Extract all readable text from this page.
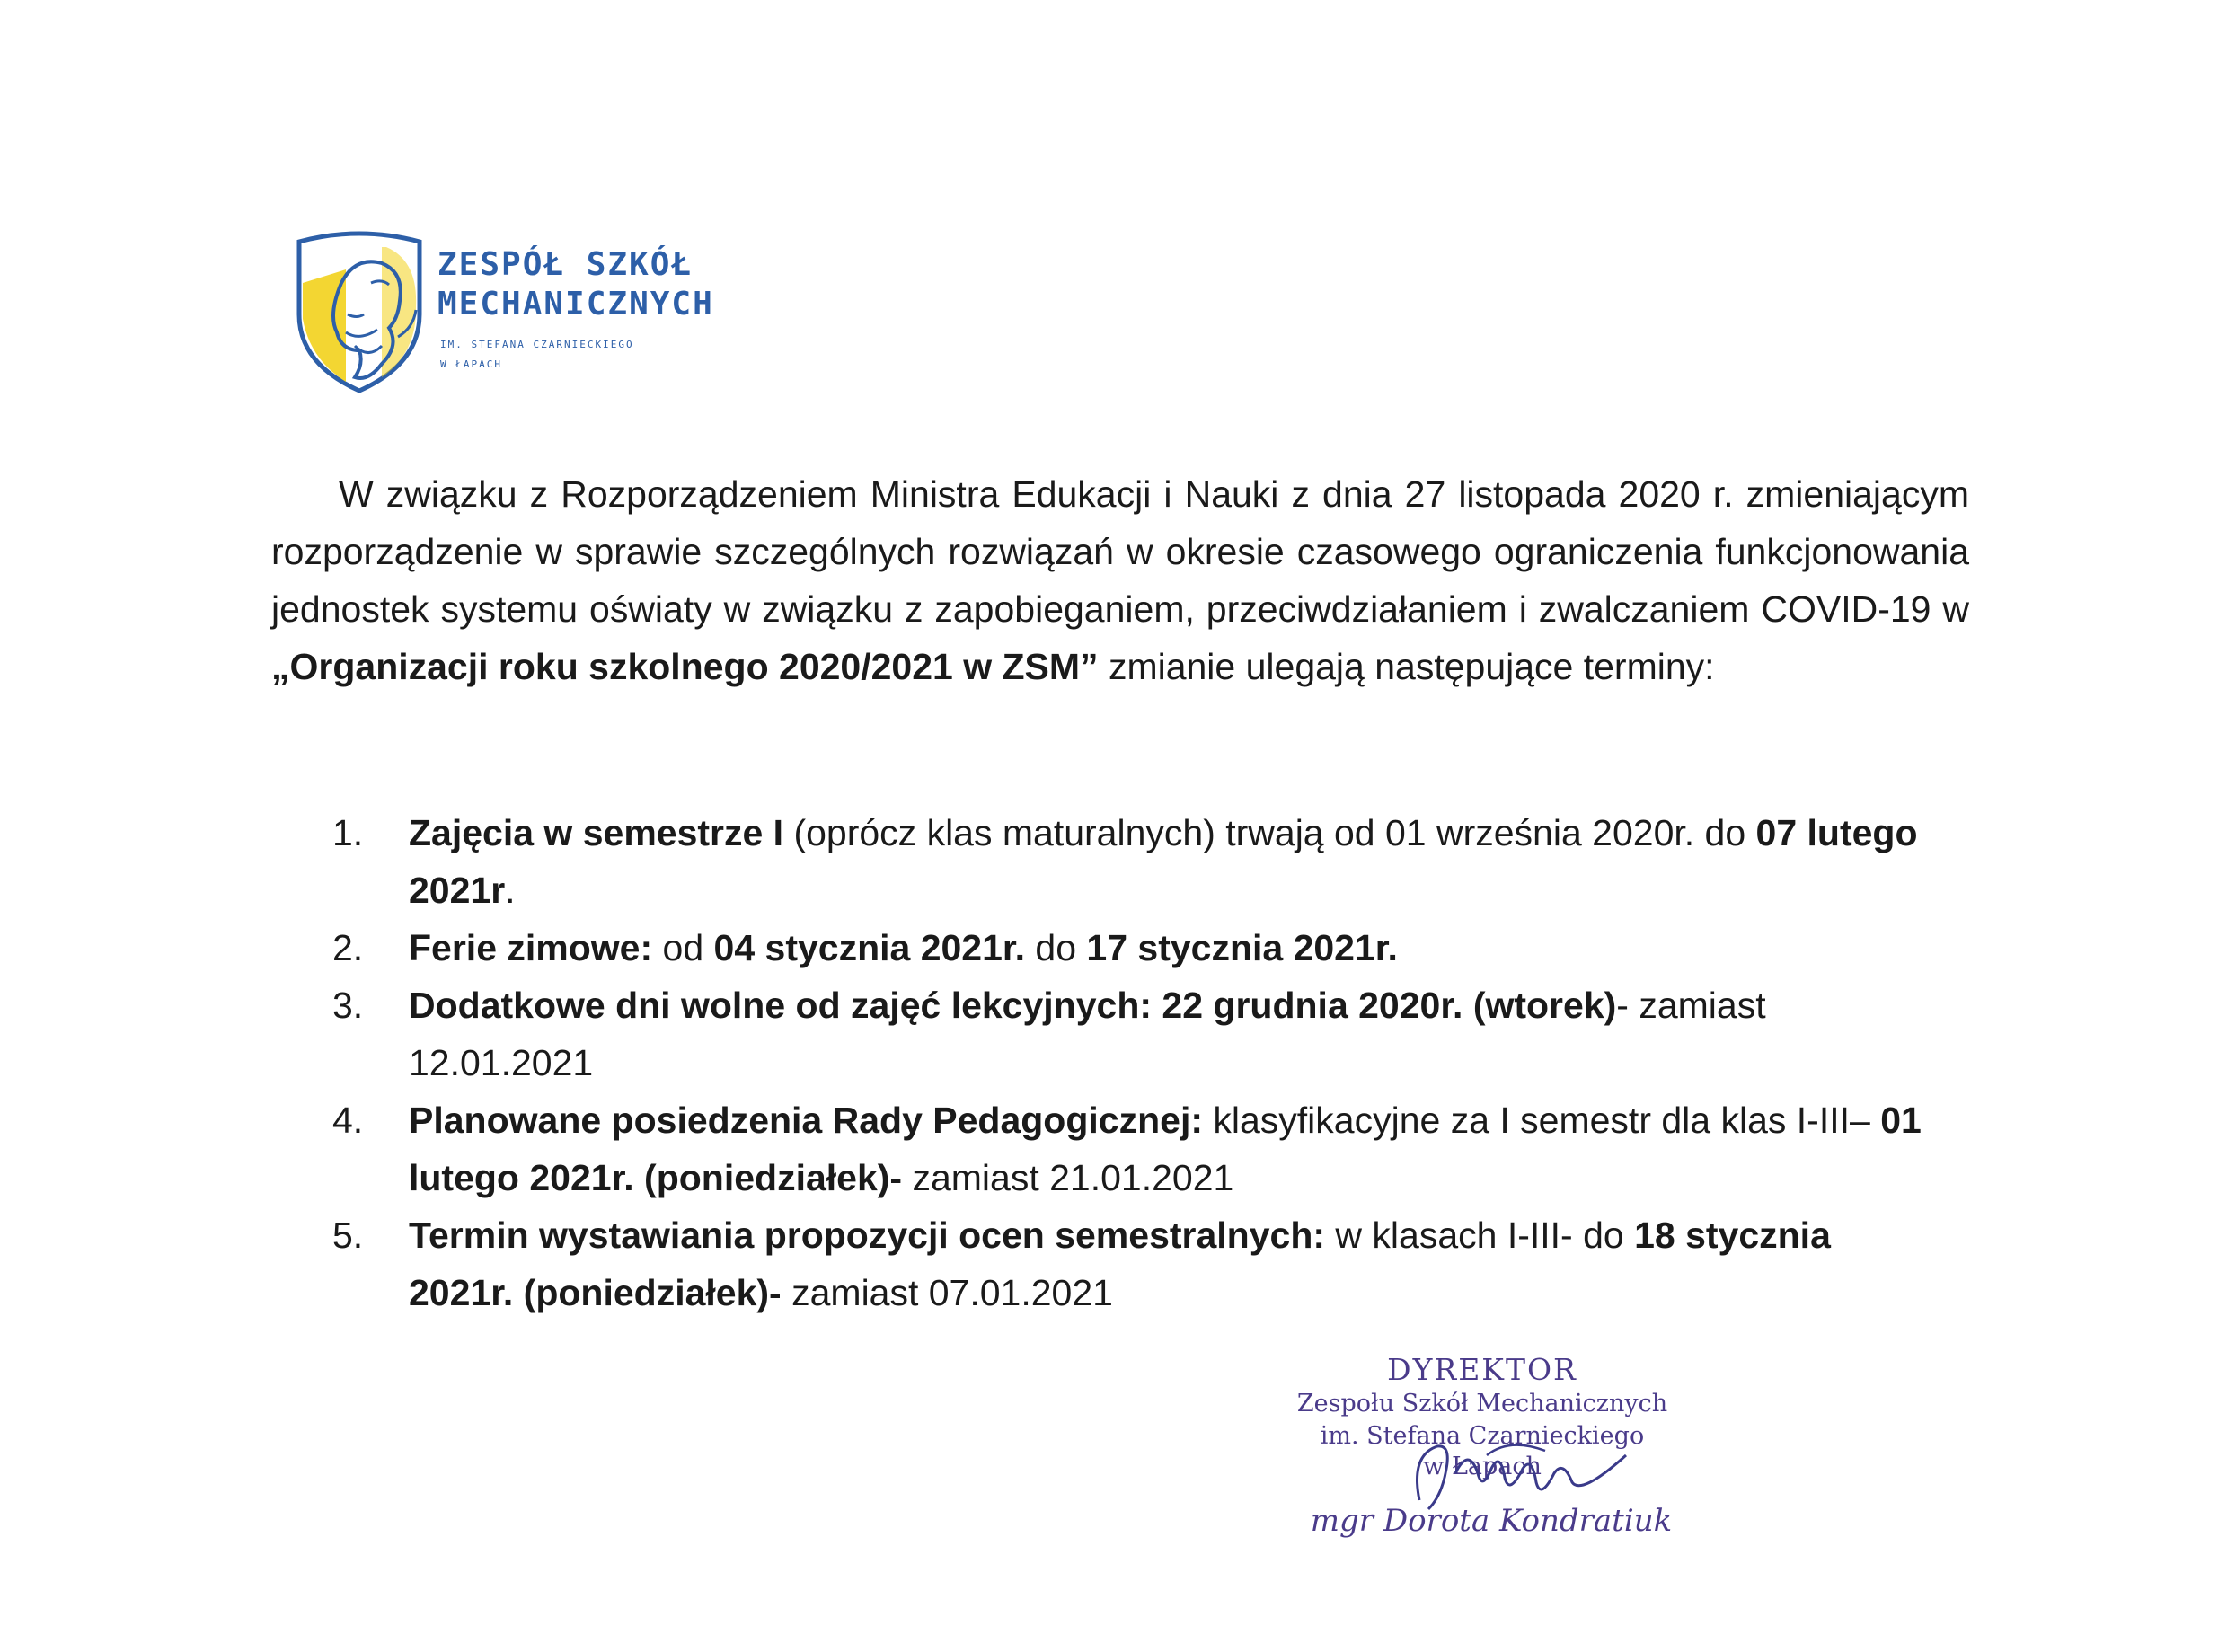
ZESPÓŁ SZKÓŁ
MECHANICZNYCH
IM. STEFANA CZARNIECKIEGO
W ŁAPACH

W związku z Rozporządzeniem Ministra Edukacji i Nauki z dnia 27 listopada 2020 r. zmieniającym rozporządzenie w sprawie szczególnych rozwiązań w okresie czasowego ograniczenia funkcjonowania jednostek systemu oświaty w związku z zapobieganiem, przeciwdziałaniem i zwalczaniem COVID-19 w „Organizacji roku szkolnego 2020/2021 w ZSM” zmianie ulegają następujące terminy:

1.	Zajęcia w semestrze I (oprócz klas maturalnych) trwają od 01 września 2020r. do 07 lutego 2021r.
2.	Ferie zimowe: od 04 stycznia 2021r. do 17 stycznia 2021r.
3.	Dodatkowe dni wolne od zajęć lekcyjnych: 22 grudnia 2020r. (wtorek)- zamiast 12.01.2021
4.	Planowane posiedzenia Rady Pedagogicznej: klasyfikacyjne za I semestr dla klas I-III– 01 lutego 2021r. (poniedziałek)- zamiast 21.01.2021
5.	Termin wystawiania propozycji ocen semestralnych: w klasach I-III- do 18 stycznia 2021r. (poniedziałek)- zamiast 07.01.2021
DYREKTOR
Zespołu Szkół Mechanicznych
im. Stefana Czarnieckiego
w Łapach
mgr Dorota Kondratiuk
